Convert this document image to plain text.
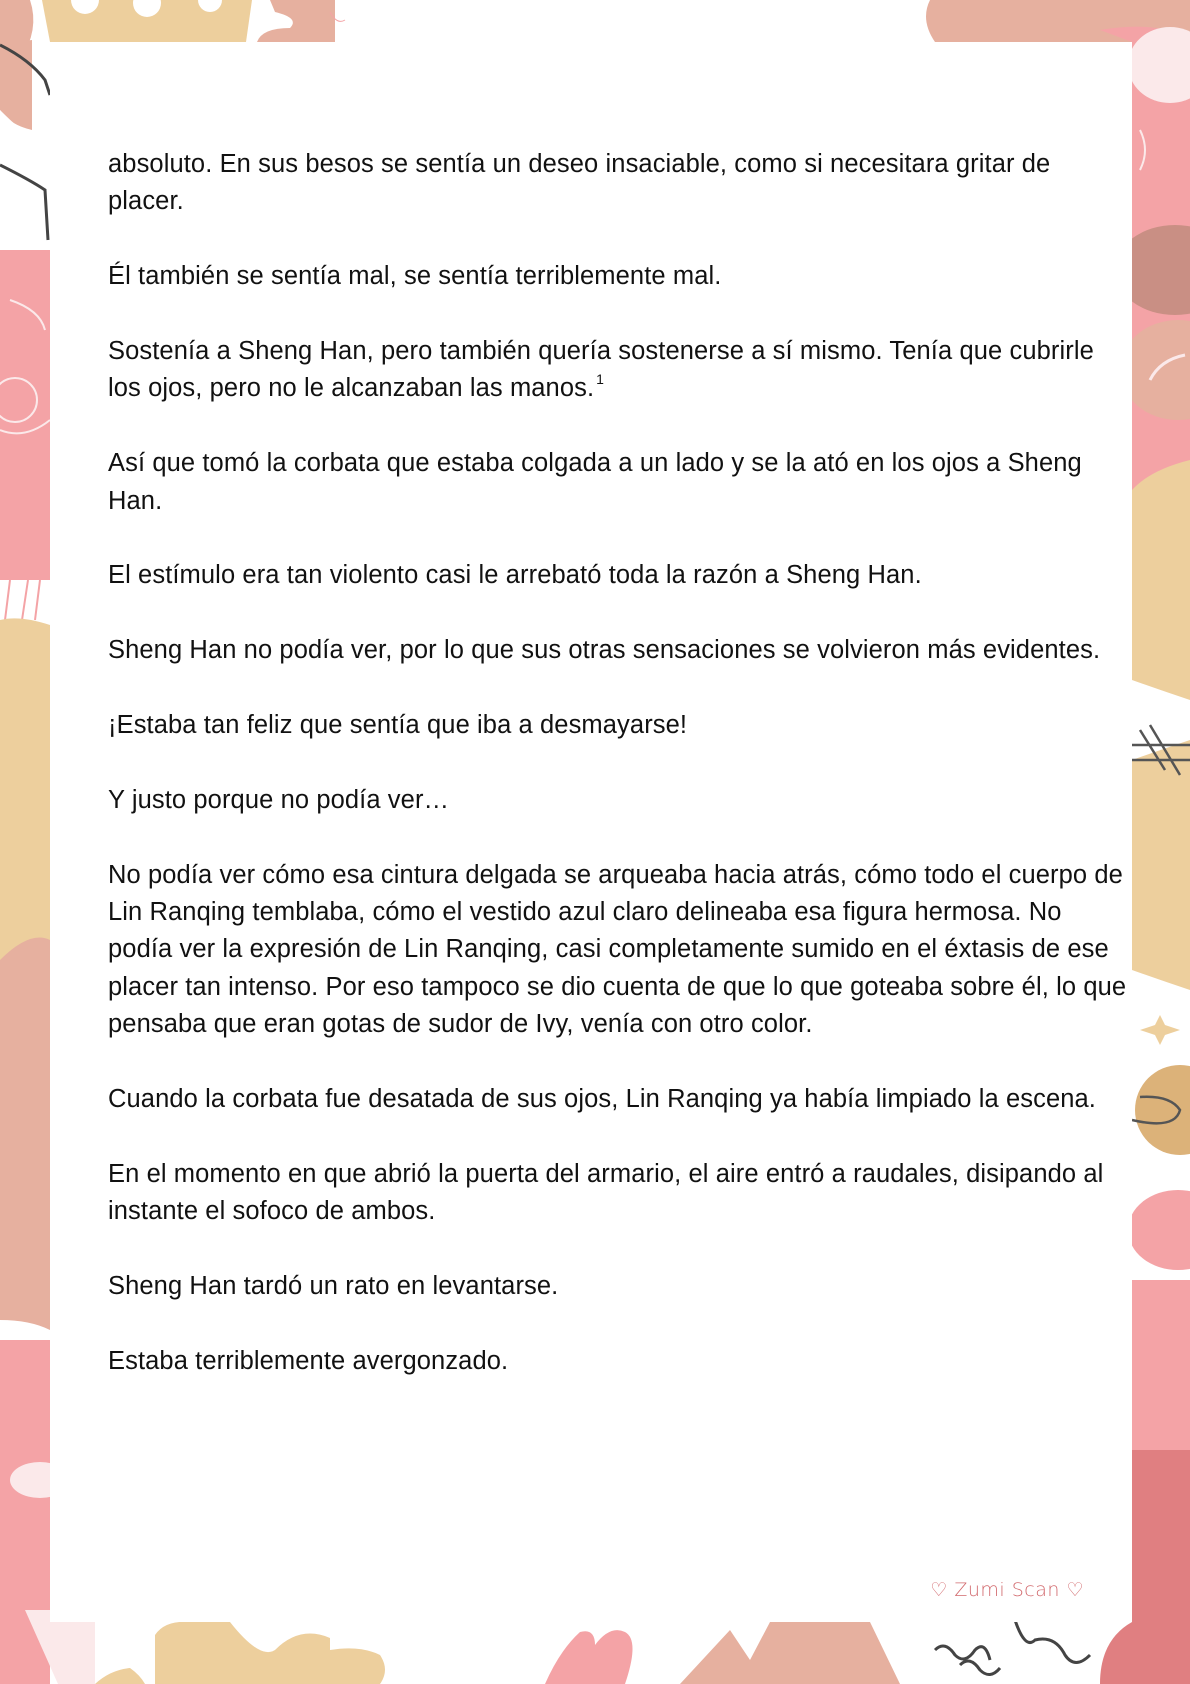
absoluto. En sus besos se sentía un deseo insaciable, como si necesitara gritar de placer.

Él también se sentía mal, se sentía terriblemente mal.

Sostenía a Sheng Han, pero también quería sostenerse a sí mismo. Tenía que cubrirle los ojos, pero no le alcanzaban las manos. $^1$

Así que tomó la corbata que estaba colgada a un lado y se la ató en los ojos a Sheng Han.

El estímulo era tan violento casi le arrebató toda la razón a Sheng Han.

Sheng Han no podía ver, por lo que sus otras sensaciones se volvieron más evidentes.

¡Estaba tan feliz que sentía que iba a desmayarse!

Y justo porque no podía ver…

No podía ver cómo esa cintura delgada se arqueaba hacia atrás, cómo todo el cuerpo de Lin Ranqing temblaba, cómo el vestido azul claro delineaba esa figura hermosa. No podía ver la expresión de Lin Ranqing, casi completamente sumido en el éxtasis de ese placer tan intenso. Por eso tampoco se dio cuenta de que lo que goteaba sobre él, lo que pensaba que eran gotas de sudor de Ivy, venía con otro color.

Cuando la corbata fue desatada de sus ojos, Lin Ranqing ya había limpiado la escena.

En el momento en que abrió la puerta del armario, el aire entró a raudales, disipando al instante el sofoco de ambos.

Sheng Han tardó un rato en levantarse.

Estaba terriblemente avergonzado.

♡ Zumi Scan ♡
